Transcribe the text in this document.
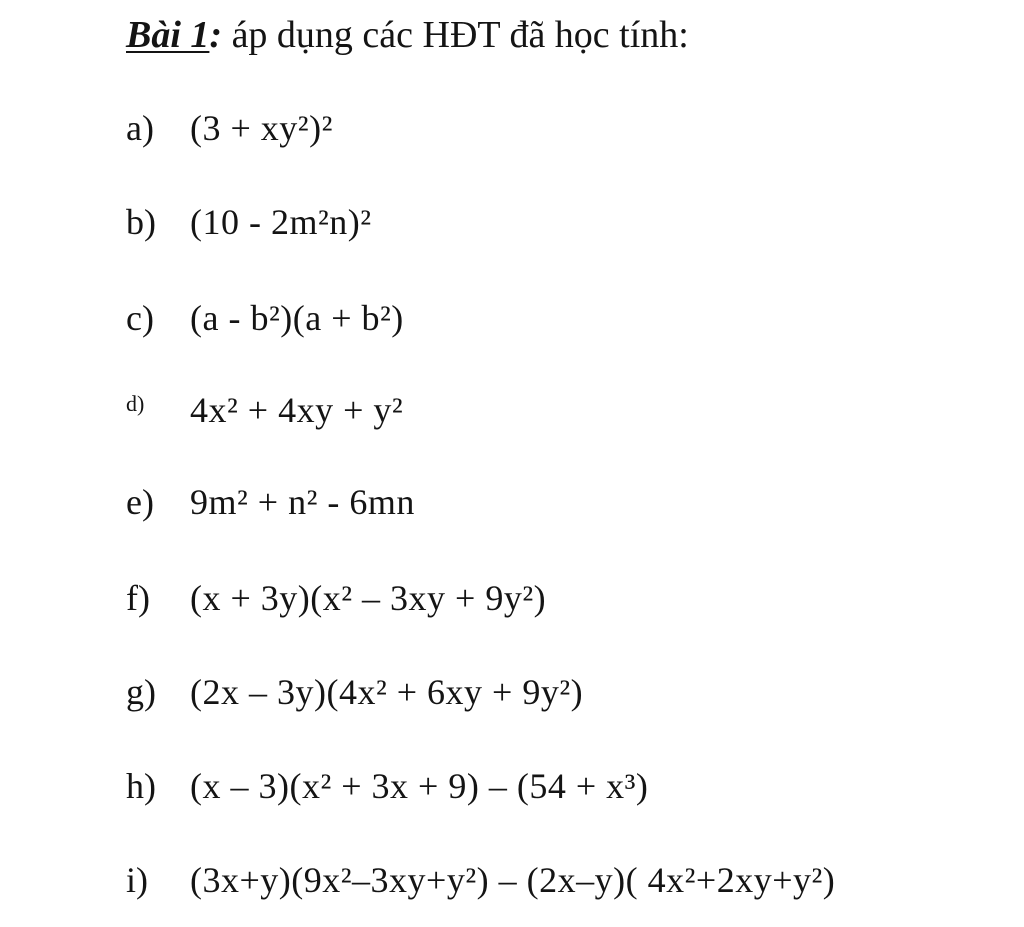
Bài 1: áp dụng các HĐT đã học tính:
a)	(3 + xy²)²
b) (10 - 2m²n)²
c)	(a - b²)(a + b²)
d)	4x² + 4xy + y²
e)	9m² + n² - 6mn
f)	(x + 3y)(x² – 3xy + 9y²)
g) (2x – 3y)(4x² + 6xy + 9y²)
h) (x – 3)(x² + 3x + 9) – (54 + x³)
i)	(3x+y)(9x²–3xy+y²) – (2x–y)( 4x²+2xy+y²)
